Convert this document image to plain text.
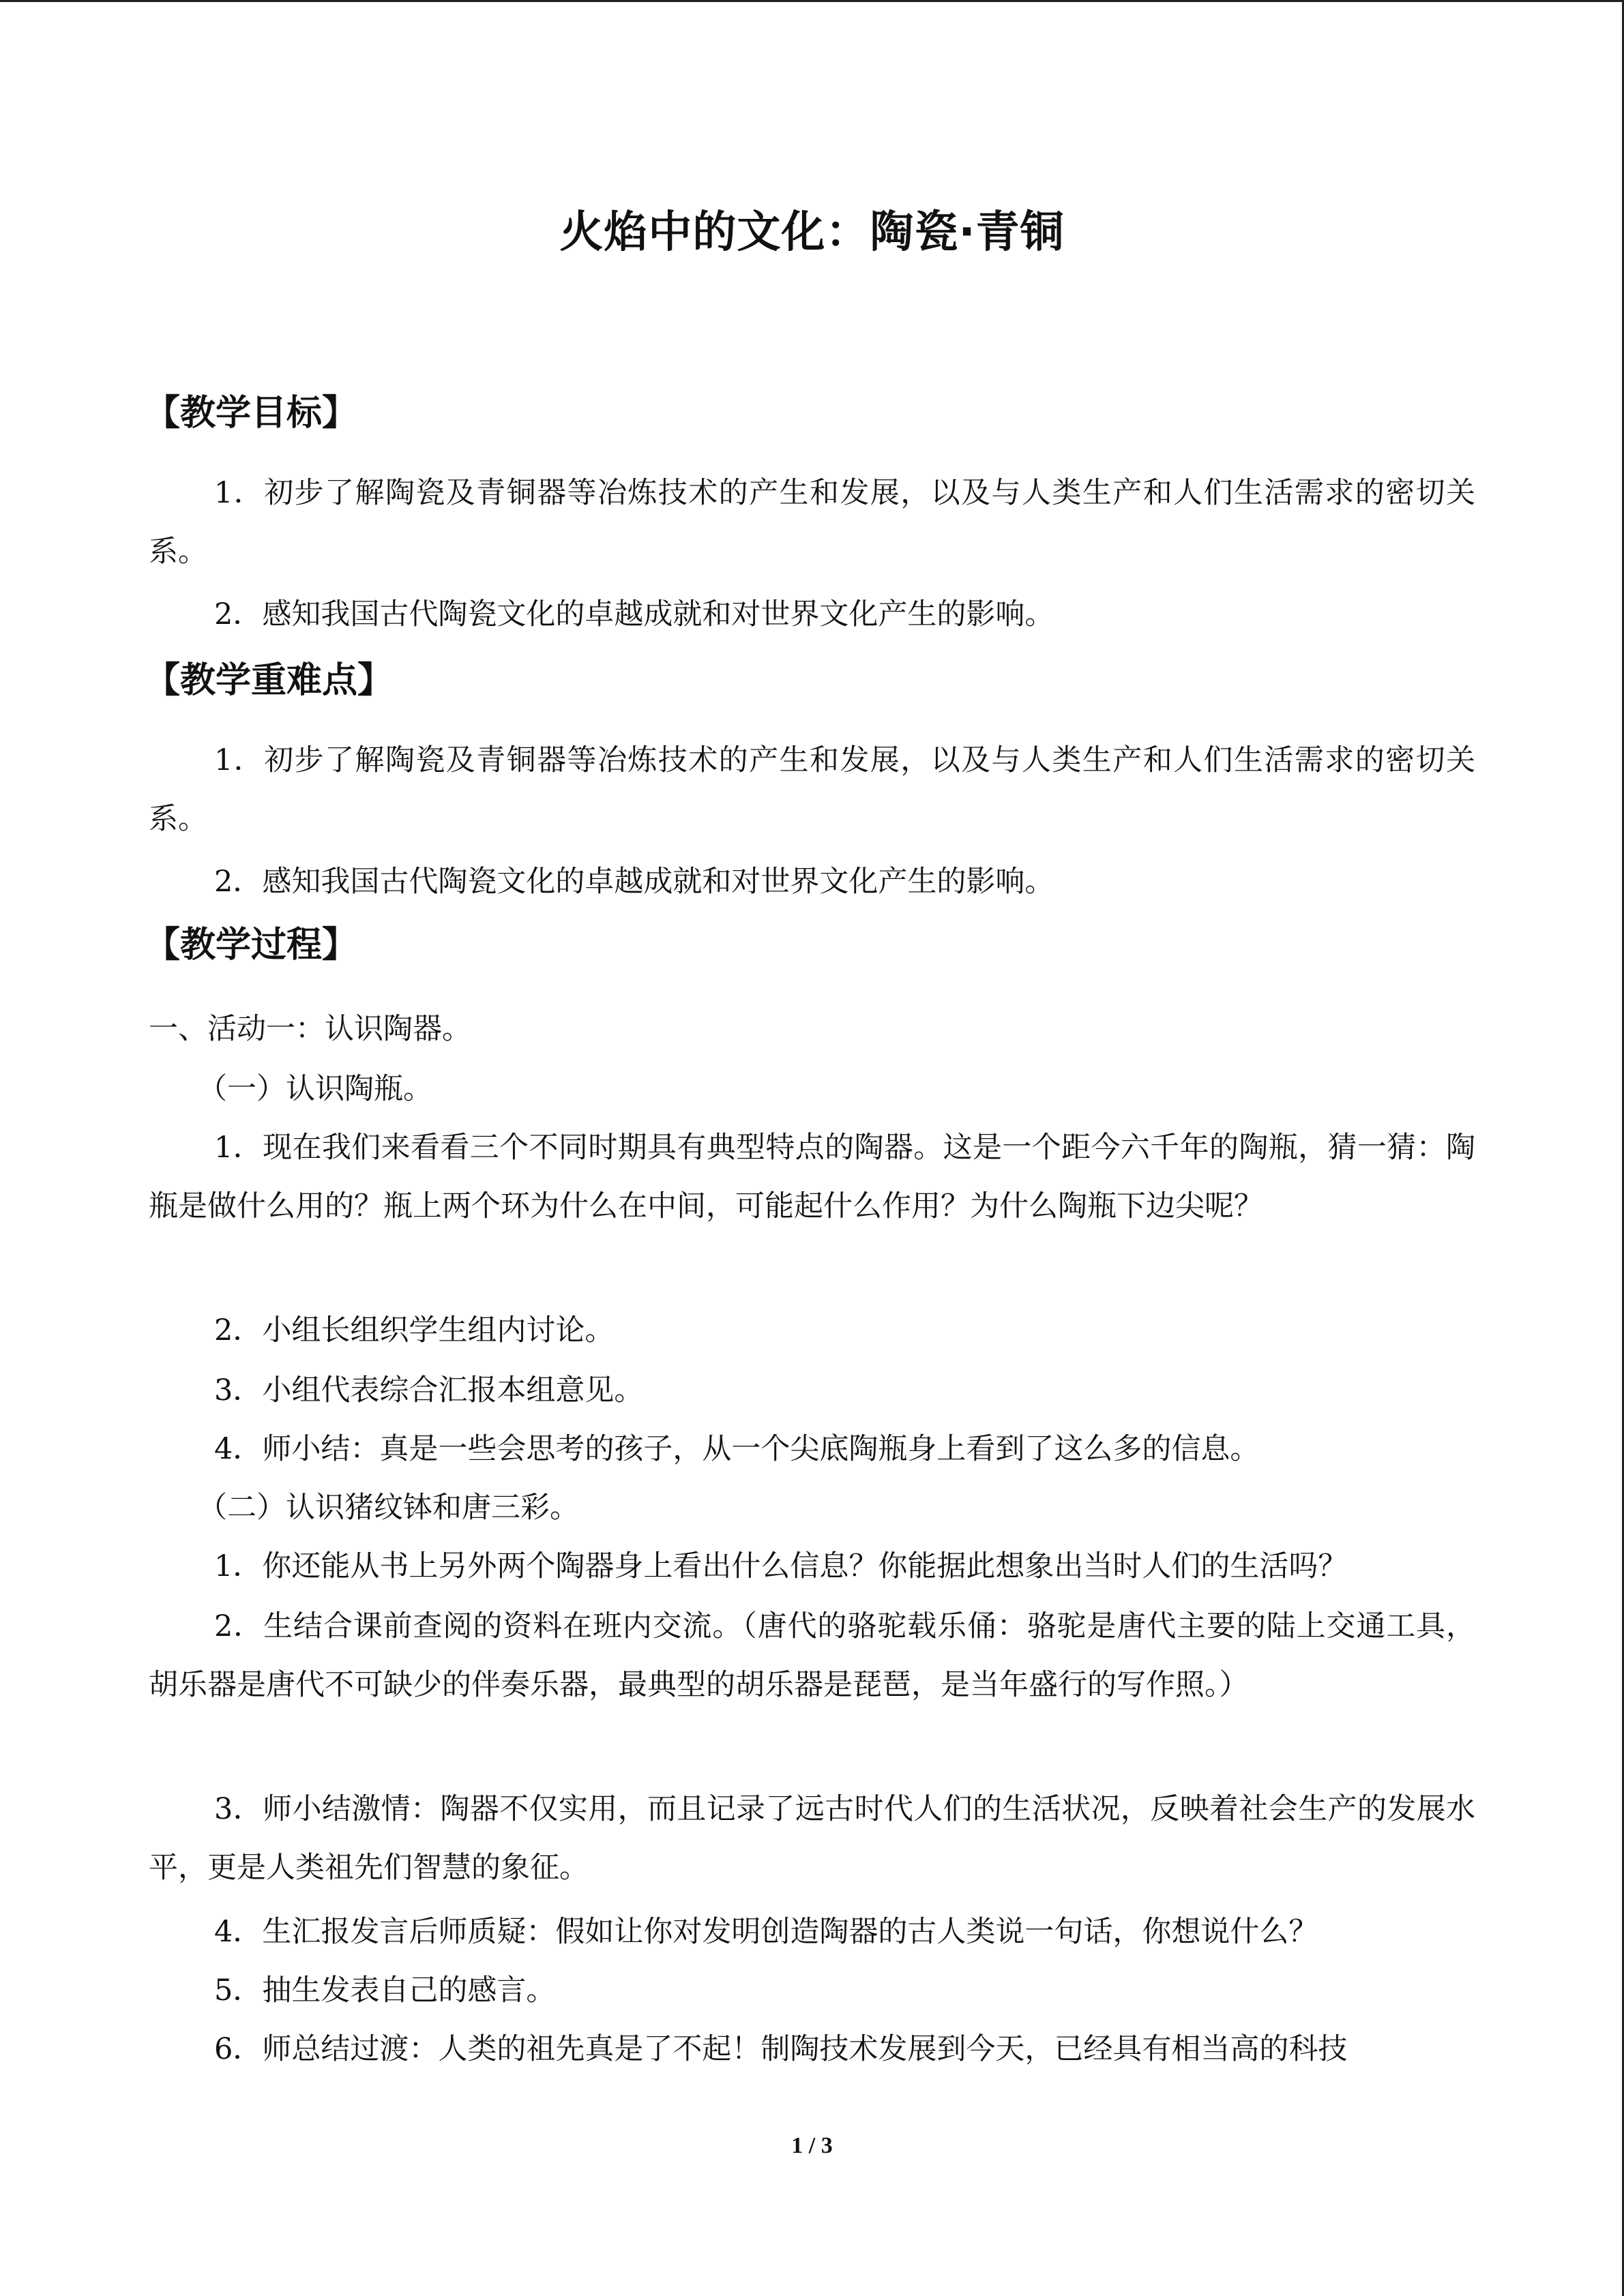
火焰中的文化：陶瓷·青铜
【教学目标】

1．初步了解陶瓷及青铜器等冶炼技术的产生和发展，以及与人类生产和人们生活需求的密切关系。

2．感知我国古代陶瓷文化的卓越成就和对世界文化产生的影响。

【教学重难点】

1．初步了解陶瓷及青铜器等冶炼技术的产生和发展，以及与人类生产和人们生活需求的密切关系。

2．感知我国古代陶瓷文化的卓越成就和对世界文化产生的影响。

【教学过程】

一、活动一：认识陶器。

（一）认识陶瓶。

1．现在我们来看看三个不同时期具有典型特点的陶器。这是一个距今六千年的陶瓶，猜一猜：陶瓶是做什么用的？瓶上两个环为什么在中间，可能起什么作用？为什么陶瓶下边尖呢？

2．小组长组织学生组内讨论。

3．小组代表综合汇报本组意见。

4．师小结：真是一些会思考的孩子，从一个尖底陶瓶身上看到了这么多的信息。

（二）认识猪纹钵和唐三彩。

1．你还能从书上另外两个陶器身上看出什么信息？你能据此想象出当时人们的生活吗？

2．生结合课前查阅的资料在班内交流。（唐代的骆驼载乐俑：骆驼是唐代主要的陆上交通工具，胡乐器是唐代不可缺少的伴奏乐器，最典型的胡乐器是琵琶，是当年盛行的写作照。）

3．师小结激情：陶器不仅实用，而且记录了远古时代人们的生活状况，反映着社会生产的发展水平，更是人类祖先们智慧的象征。

4．生汇报发言后师质疑：假如让你对发明创造陶器的古人类说一句话，你想说什么？

5．抽生发表自己的感言。

6．师总结过渡：人类的祖先真是了不起！制陶技术发展到今天，已经具有相当高的科技

1 / 3
